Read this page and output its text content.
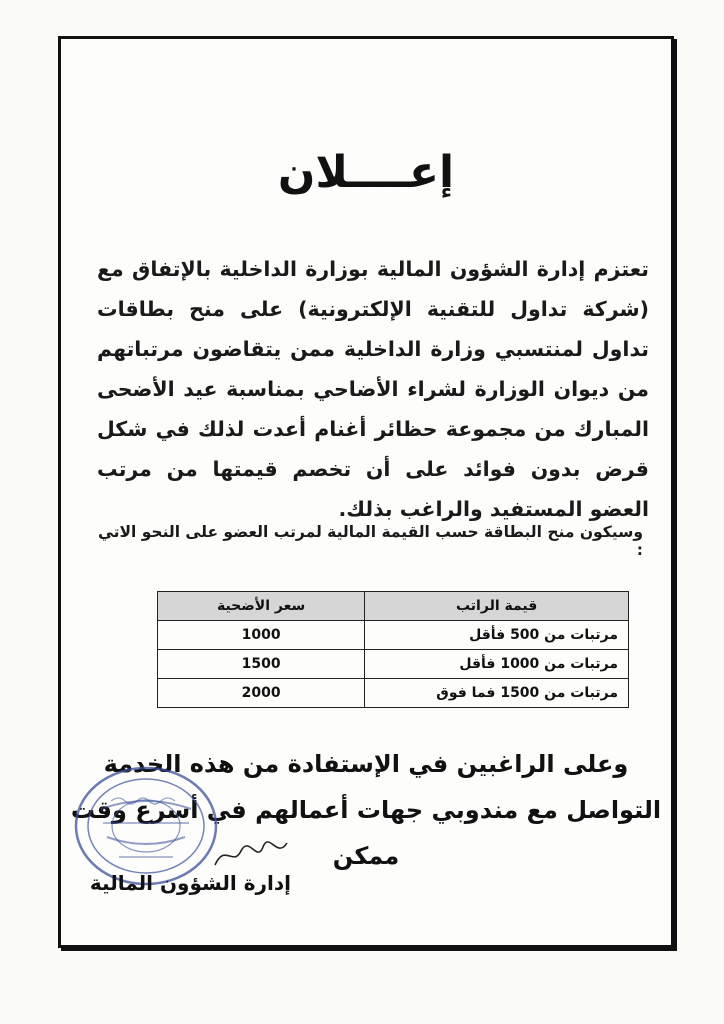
إعــــلان
تعتزم إدارة الشؤون المالية بوزارة الداخلية بالإتفاق مع (شركة تداول للتقنية الإلكترونية) على منح بطاقات تداول لمنتسبي وزارة الداخلية ممن يتقاضون مرتباتهم من ديوان الوزارة لشراء الأضاحي بمناسبة عيد الأضحى المبارك من مجموعة حظائر أغنام أعدت لذلك في شكل قرض بدون فوائد على أن تخصم قيمتها من مرتب العضو المستفيد والراغب بذلك.
وسيكون منح البطاقة حسب القيمة المالية لمرتب العضو على النحو الاتي :
قيمة الراتب	سعر الأضحية
مرتبات من 500 فأقل	1000
مرتبات من 1000 فأقل	1500
مرتبات من 1500 فما فوق	2000
وعلى الراغبين في الإستفادة من هذه الخدمة التواصل مع مندوبي جهات أعمالهم في أسرع وقت ممكن
إدارة الشؤون المالية
